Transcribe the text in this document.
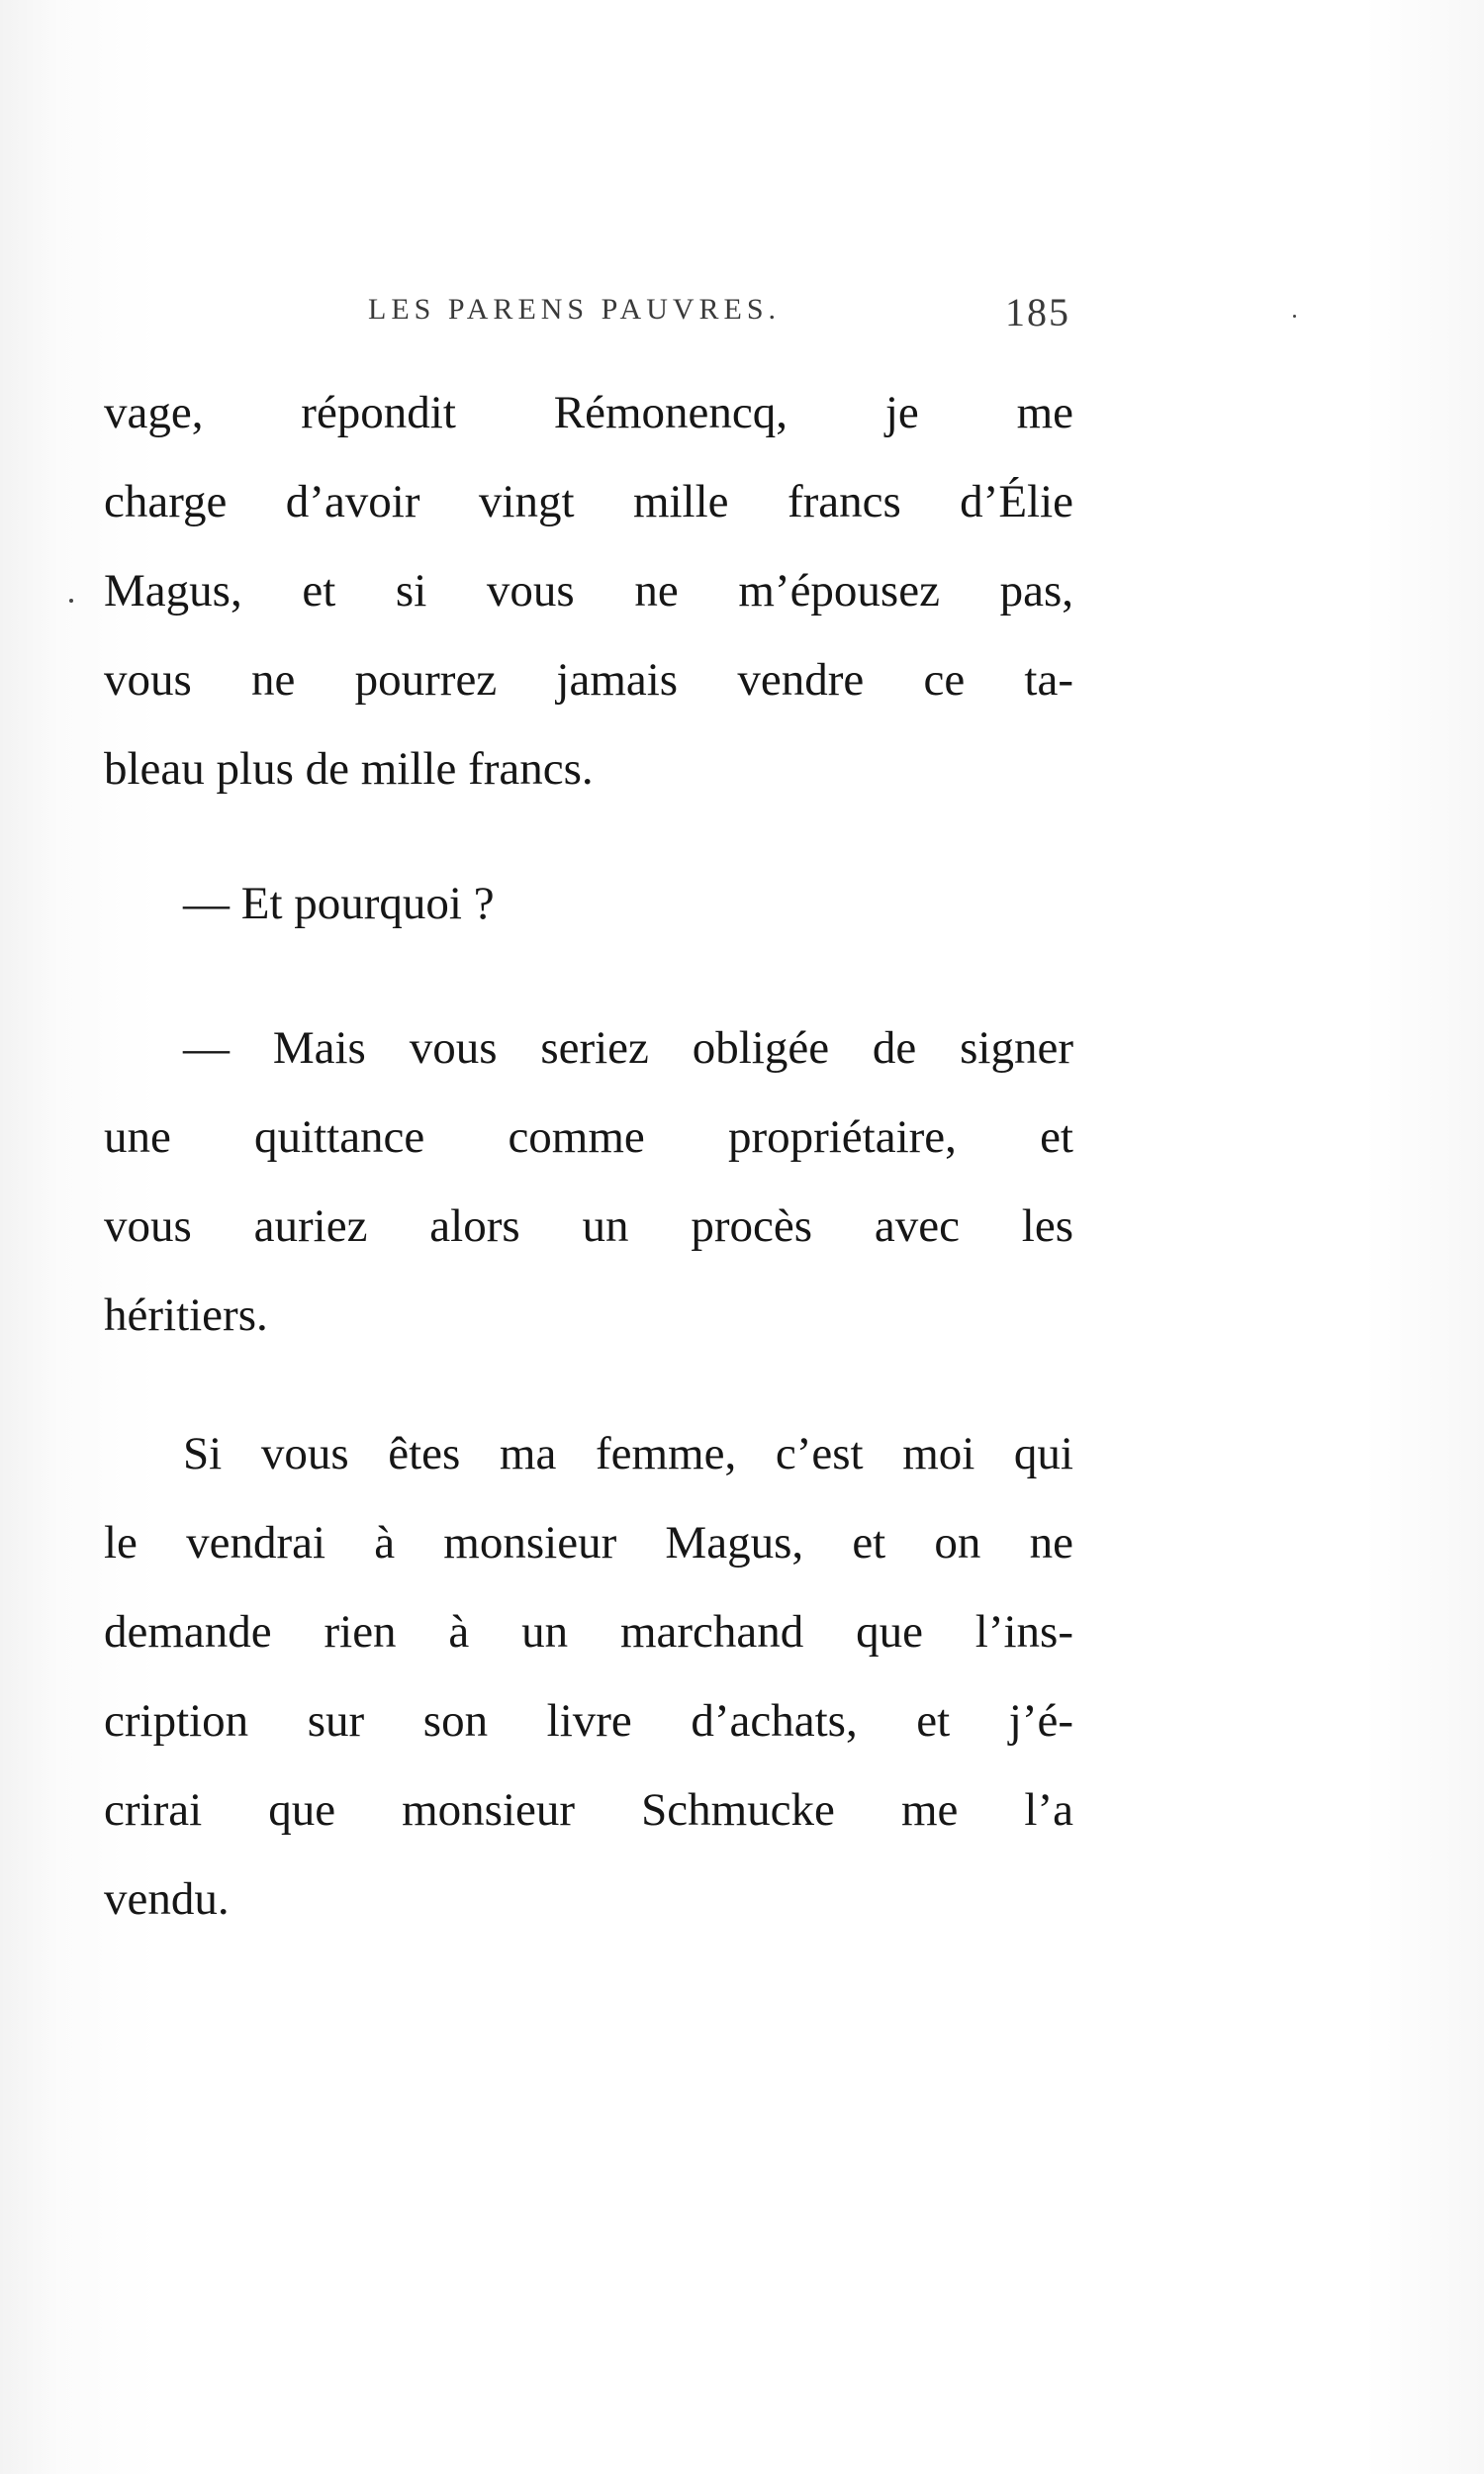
LES PARENS PAUVRES.	185

vage, répondit Rémonencq, je me
charge d’avoir vingt mille francs d’Élie
Magus, et si vous ne m’épousez pas,
vous ne pourrez jamais vendre ce ta-
bleau plus de mille francs.

— Et pourquoi ?

— Mais vous seriez obligée de signer
une quittance comme propriétaire, et
vous auriez alors un procès avec les
héritiers.

Si vous êtes ma femme, c’est moi qui
le vendrai à monsieur Magus, et on ne
demande rien à un marchand que l’ins-
cription sur son livre d’achats, et j’é-
crirai que monsieur Schmucke me l’a
vendu.
